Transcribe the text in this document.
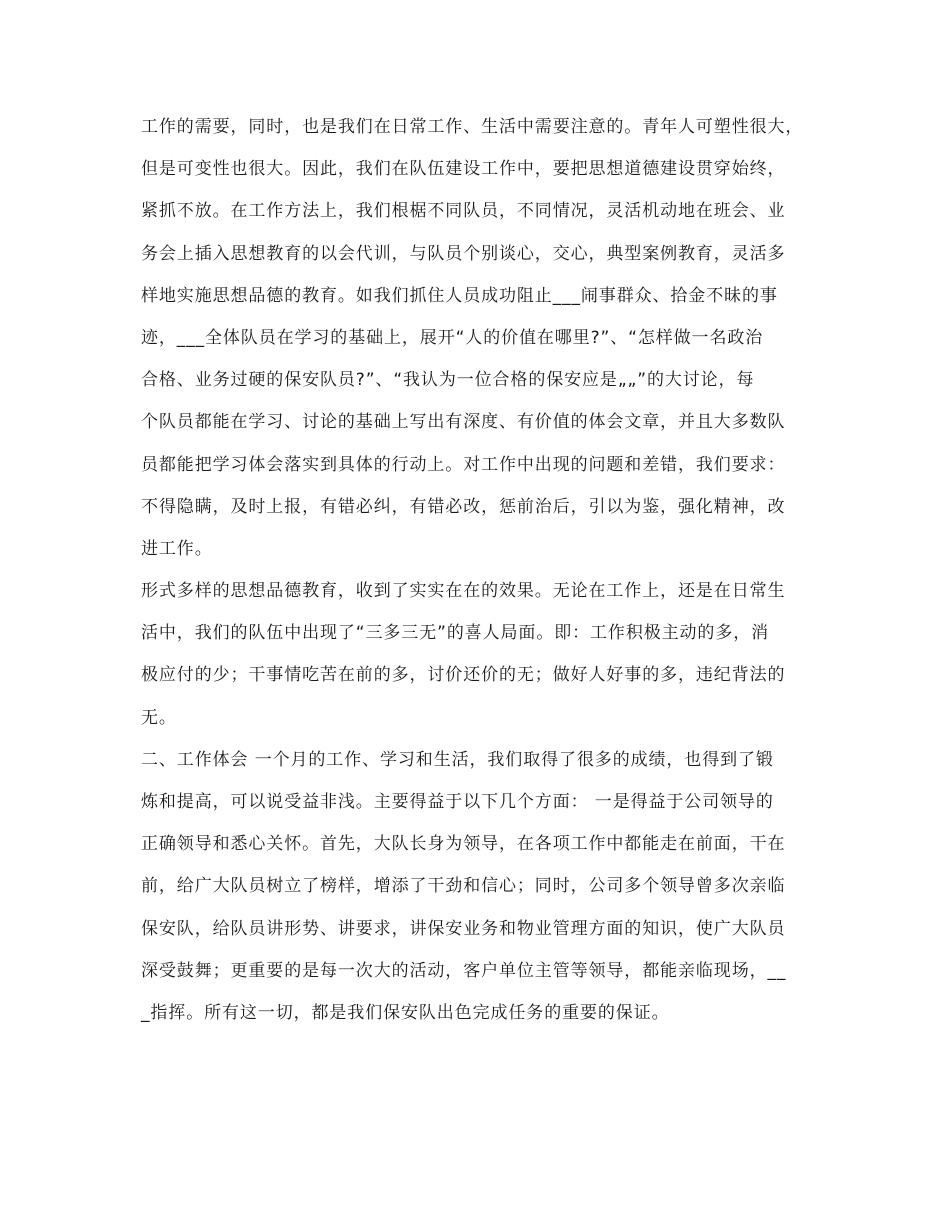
工作的需要，同时，也是我们在日常工作、生活中需要注意的。青年人可塑性很大，
但是可变性也很大。因此，我们在队伍建设工作中，要把思想道德建设贯穿始终，
紧抓不放。在工作方法上，我们根椐不同队员，不同情况，灵活机动地在班会、业
务会上插入思想教育的以会代训，与队员个别谈心，交心，典型案例教育，灵活多
样地实施思想品德的教育。如我们抓住人员成功阻止___闹事群众、拾金不昧的事
迹，___全体队员在学习的基础上，展开“人的价值在哪里?”、“怎样做一名政治
合格、业务过硬的保安队员?”、“我认为一位合格的保安应是„„”的大讨论，每
个队员都能在学习、讨论的基础上写出有深度、有价值的体会文章，并且大多数队
员都能把学习体会落实到具体的行动上。对工作中出现的问题和差错，我们要求：
不得隐瞒，及时上报，有错必纠，有错必改，惩前治后，引以为鉴，强化精神，改
进工作。
形式多样的思想品德教育，收到了实实在在的效果。无论在工作上，还是在日常生
活中，我们的队伍中出现了“三多三无”的喜人局面。即：工作积极主动的多，消
极应付的少；干事情吃苦在前的多，讨价还价的无；做好人好事的多，违纪背法的
无。
二、工作体会 一个月的工作、学习和生活，我们取得了很多的成绩，也得到了锻
炼和提高，可以说受益非浅。主要得益于以下几个方面： 一是得益于公司领导的
正确领导和悉心关怀。首先，大队长身为领导，在各项工作中都能走在前面，干在
前，给广大队员树立了榜样，增添了干劲和信心；同时，公司多个领导曾多次亲临
保安队，给队员讲形势、讲要求，讲保安业务和物业管理方面的知识，使广大队员
深受鼓舞；更重要的是每一次大的活动，客户单位主管等领导，都能亲临现场，__
_指挥。所有这一切，都是我们保安队出色完成任务的重要的保证。
